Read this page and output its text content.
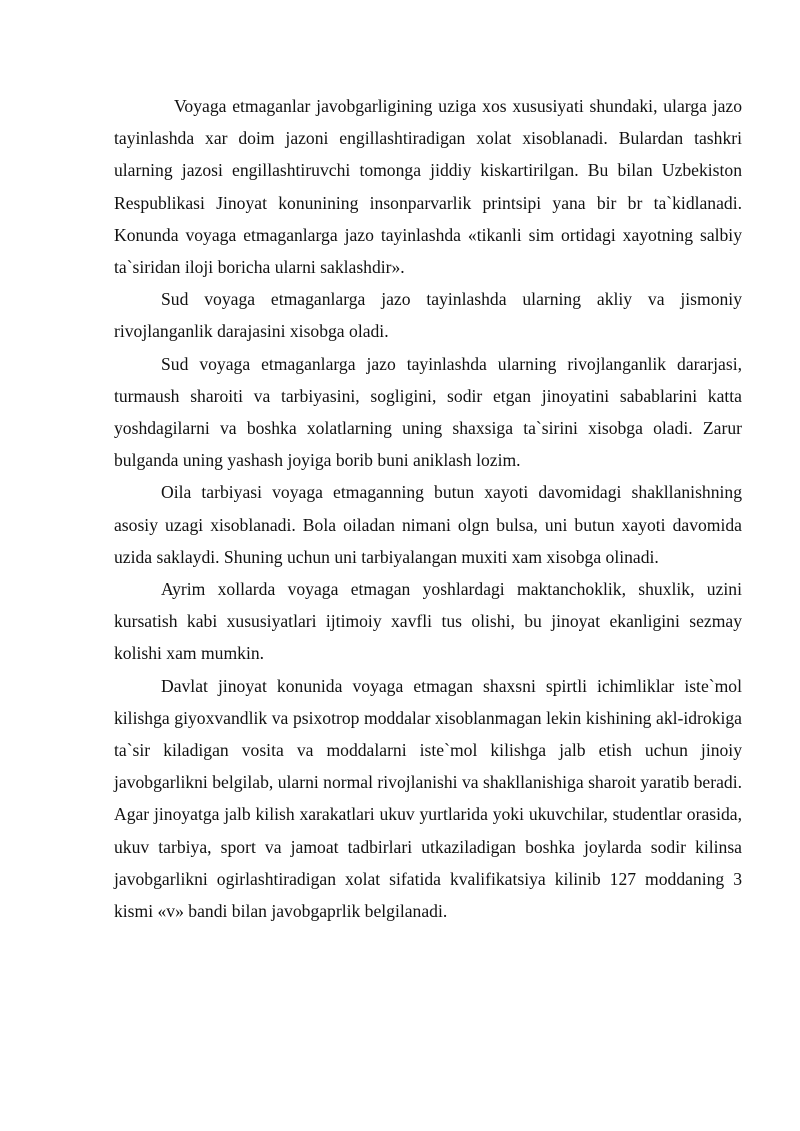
Voyaga etmaganlar javobgarligining uziga xos xususiyati shundaki, ularga jazo tayinlashda xar doim jazoni engillashtiradigan xolat xisoblanadi. Bulardan tashkri ularning jazosi engillashtiruvchi tomonga jiddiy kiskartirilgan. Bu bilan Uzbekiston Respublikasi Jinoyat konunining insonparvarlik printsipi yana bir br ta`kidlanadi. Konunda voyaga etmaganlarga jazo tayinlashda «tikanli sim ortidagi xayotning salbiy ta`siridan iloji boricha ularni saklashdir».

Sud voyaga etmaganlarga jazo tayinlashda ularning akliy va jismoniy rivojlanganlik darajasini xisobga oladi.

Sud voyaga etmaganlarga jazo tayinlashda ularning rivojlanganlik dararjasi, turmaush sharoiti va tarbiyasini, sogligini, sodir etgan jinoyatini sabablarini katta yoshdagilarni va boshka xolatlarning uning shaxsiga ta`sirini xisobga oladi. Zarur bulganda uning yashash joyiga borib buni aniklash lozim.

Oila tarbiyasi voyaga etmaganning butun xayoti davomidagi shakllanishning asosiy uzagi xisoblanadi. Bola oiladan nimani olgn bulsa, uni butun xayoti davomida uzida saklaydi. Shuning uchun uni tarbiyalangan muxiti xam xisobga olinadi.

Ayrim xollarda voyaga etmagan yoshlardagi maktanchoklik, shuxlik, uzini kursatish kabi xususiyatlari ijtimoiy xavfli tus olishi, bu jinoyat ekanligini sezmay kolishi xam mumkin.

Davlat jinoyat konunida voyaga etmagan shaxsni spirtli ichimliklar iste`mol kilishga giyoxvandlik va psixotrop moddalar xisoblanmagan lekin kishining akl-idrokiga ta`sir kiladigan vosita va moddalarni iste`mol kilishga jalb etish uchun jinoiy javobgarlikni belgilab, ularni normal rivojlanishi va shakllanishiga sharoit yaratib beradi. Agar jinoyatga jalb kilish xarakatlari ukuv yurtlarida yoki ukuvchilar, studentlar orasida, ukuv tarbiya, sport va jamoat tadbirlari utkaziladigan boshka joylarda sodir kilinsa javobgarlikni ogirlashtiradigan xolat sifatida kvalifikatsiya kilinib 127 moddaning 3 kismi «v» bandi bilan javobgaprlik belgilanadi.
